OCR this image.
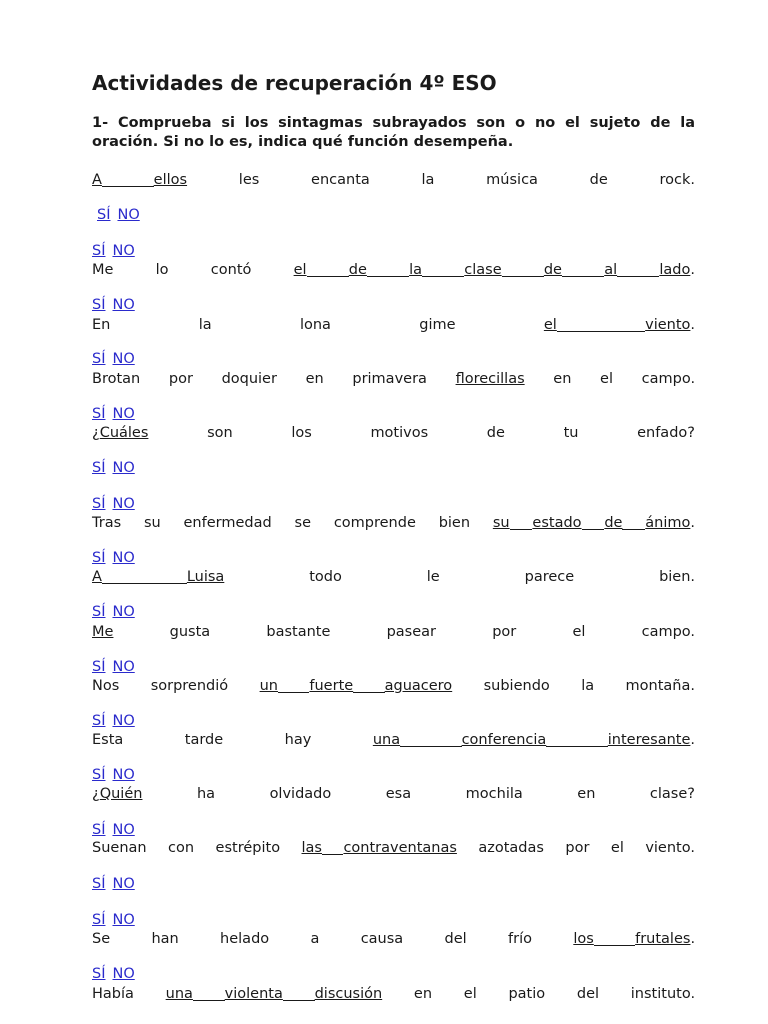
Actividades de recuperación 4º ESO
1- Comprueba si los sintagmas subrayados son o no el sujeto de la oración. Si no lo es, indica qué función desempeña.
SÍ NO
SÍ NO
SÍ NO
SÍ NO
SÍ NO
SÍ NO
SÍ NO
SÍ NO
SÍ NO
SÍ NO
SÍ NO
SÍ NO
SÍ NO
SÍ NO
SÍ NO
SÍ NO
A	ellos	les	encanta	la	música	de	rock.
Me	lo	contó	el	de	la	clase	de	al	lado .
En	la	lona	gime	el	viento .
Brotan por doquier en primavera florecillas en el campo.
¿ Cuáles	son	los	motivos	de	tu	enfado?
Tras su enfermedad se comprende bien su estado de ánimo .
A	Luisa	todo	le	parece	bien.
Me	gusta	bastante	pasear	por	el	campo.
Nos sorprendió un fuerte aguacero subiendo la montaña.
Esta	tarde	hay	una	conferencia	interesante .
¿ Quién	ha	olvidado	esa	mochila	en	clase?
Suenan con estrépito las contraventanas azotadas por el viento.
Se	han	helado	a	causa	del	frío	los	frutales .
Había una violenta discusión en el patio del instituto.
